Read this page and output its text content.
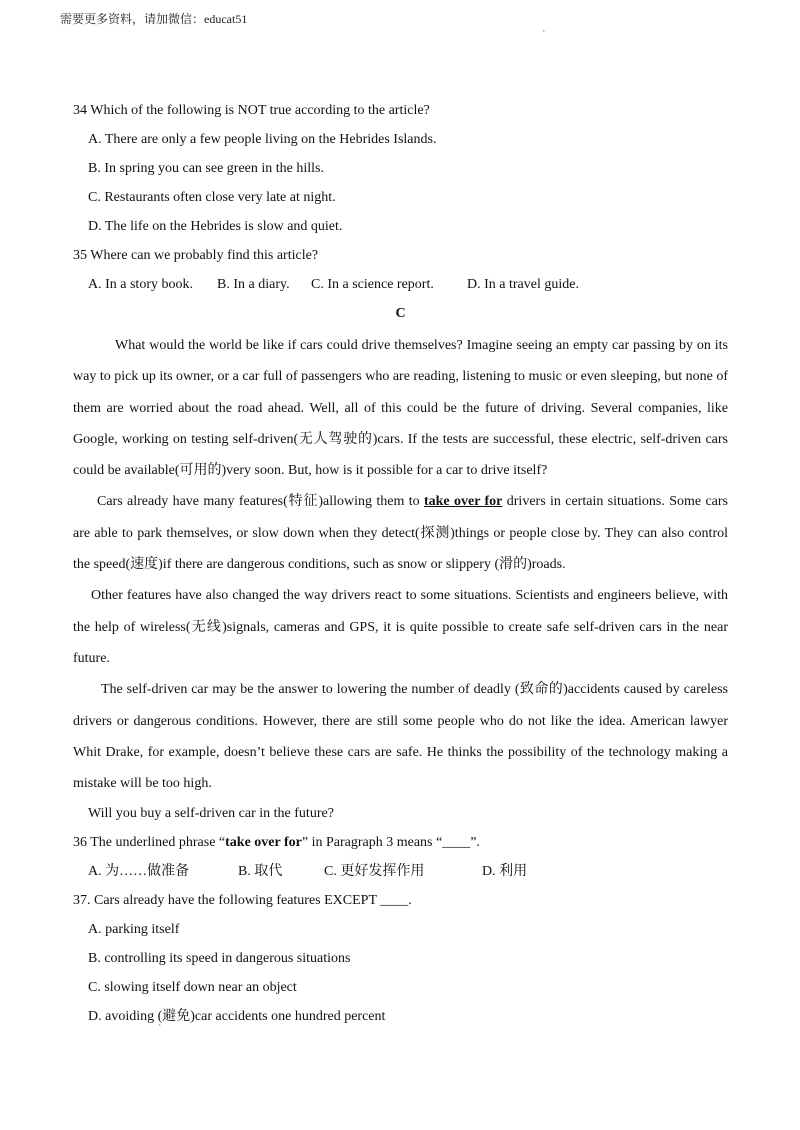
需要更多资料，请加微信：educat51
ˋ
34 Which of the following is NOT true according to the article?
A. There are only a few people living on the Hebrides Islands.
B. In spring you can see green in the hills.
C. Restaurants often close very late at night.
D. The life on the Hebrides is slow and quiet.
35 Where can we probably find this article?
A. In a story book.	B. In a diary.	C. In a science report.	D. In a travel guide.
C

What would the world be like if cars could drive themselves? Imagine seeing an empty car passing by on its way to pick up its owner, or a car full of passengers who are reading, listening to music or even sleeping, but none of them are worried about the road ahead. Well, all of this could be the future of driving. Several companies, like Google, working on testing self-driven(无人驾驶的)cars. If the tests are successful, these electric, self-driven cars could be available(可用的)very soon. But, how is it possible for a car to drive itself?

Cars already have many features(特征)allowing them to take over for drivers in certain situations. Some cars are able to park themselves, or slow down when they detect(探测)things or people close by. They can also control the speed(速度)if there are dangerous conditions, such as snow or slippery (滑的)roads.

Other features have also changed the way drivers react to some situations. Scientists and engineers believe, with the help of wireless(无线)signals, cameras and GPS, it is quite possible to create safe self-driven cars in the near future.

The self-driven car may be the answer to lowering the number of deadly (致命的)accidents caused by careless drivers or dangerous conditions. However, there are still some people who do not like the idea. American lawyer Whit Drake, for example, doesn’t believe these cars are safe. He thinks the possibility of the technology making a mistake will be too high.

Will you buy a self-driven car in the future?
36 The underlined phrase “take over for” in Paragraph 3 means “____”.
A. 为……做准备	B. 取代	C. 更好发挥作用	D. 利用
37. Cars already have the following features EXCEPT ____.
A. parking itself
B. controlling its speed in dangerous situations
C. slowing itself down near an object
D. avoiding (避免)car accidents one hundred percent
ˋ
